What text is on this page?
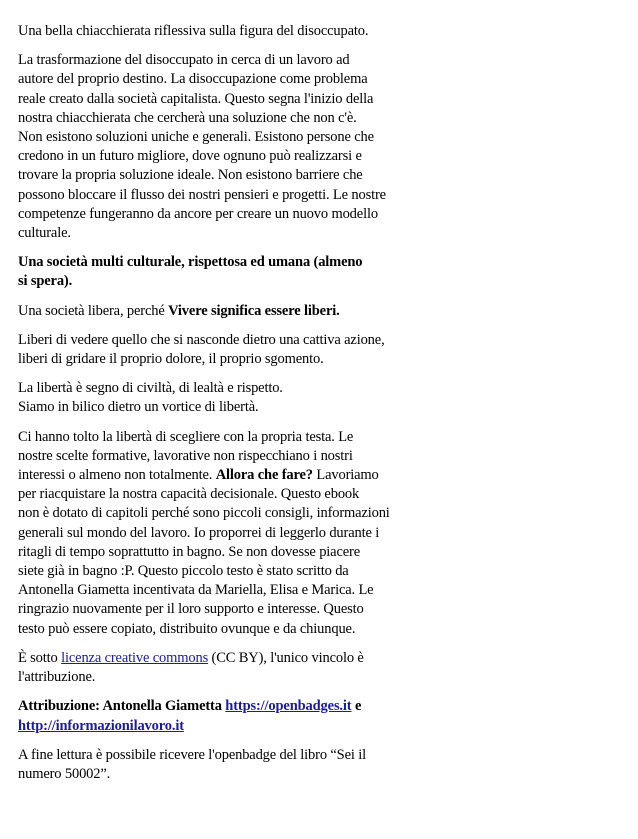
Una bella chiacchierata riflessiva sulla figura del disoccupato.

La trasformazione del disoccupato in cerca di un lavoro ad
autore del proprio destino. La disoccupazione come problema
reale creato dalla società capitalista. Questo segna l'inizio della
nostra chiacchierata che cercherà una soluzione che non c'è.
Non esistono soluzioni uniche e generali. Esistono persone che
credono in un futuro migliore, dove ognuno può realizzarsi e
trovare la propria soluzione ideale. Non esistono barriere che
possono bloccare il flusso dei nostri pensieri e progetti. Le nostre
competenze fungeranno da ancore per creare un nuovo modello
culturale.

Una società multi culturale, rispettosa ed umana (almeno
si spera).

Una società libera, perché Vivere significa essere liberi.

Liberi di vedere quello che si nasconde dietro una cattiva azione,
liberi di gridare il proprio dolore, il proprio sgomento.

La libertà è segno di civiltà, di lealtà e rispetto.
Siamo in bilico dietro un vortice di libertà.

Ci hanno tolto la libertà di scegliere con la propria testa. Le
nostre scelte formative, lavorative non rispecchiano i nostri
interessi o almeno non totalmente. Allora che fare? Lavoriamo
per riacquistare la nostra capacità decisionale. Questo ebook
non è dotato di capitoli perché sono piccoli consigli, informazioni
generali sul mondo del lavoro. Io proporrei di leggerlo durante i
ritagli di tempo soprattutto in bagno. Se non dovesse piacere
siete già in bagno :P. Questo piccolo testo è stato scritto da
Antonella Giametta incentivata da Mariella, Elisa e Marica. Le
ringrazio nuovamente per il loro supporto e interesse. Questo
testo può essere copiato, distribuito ovunque e da chiunque.

È sotto licenza creative commons (CC BY), l'unico vincolo è
l'attribuzione.

Attribuzione: Antonella Giametta https://openbadges.it e
http://informazionilavoro.it

A fine lettura è possibile ricevere l'openbadge del libro “Sei il
numero 50002”.
